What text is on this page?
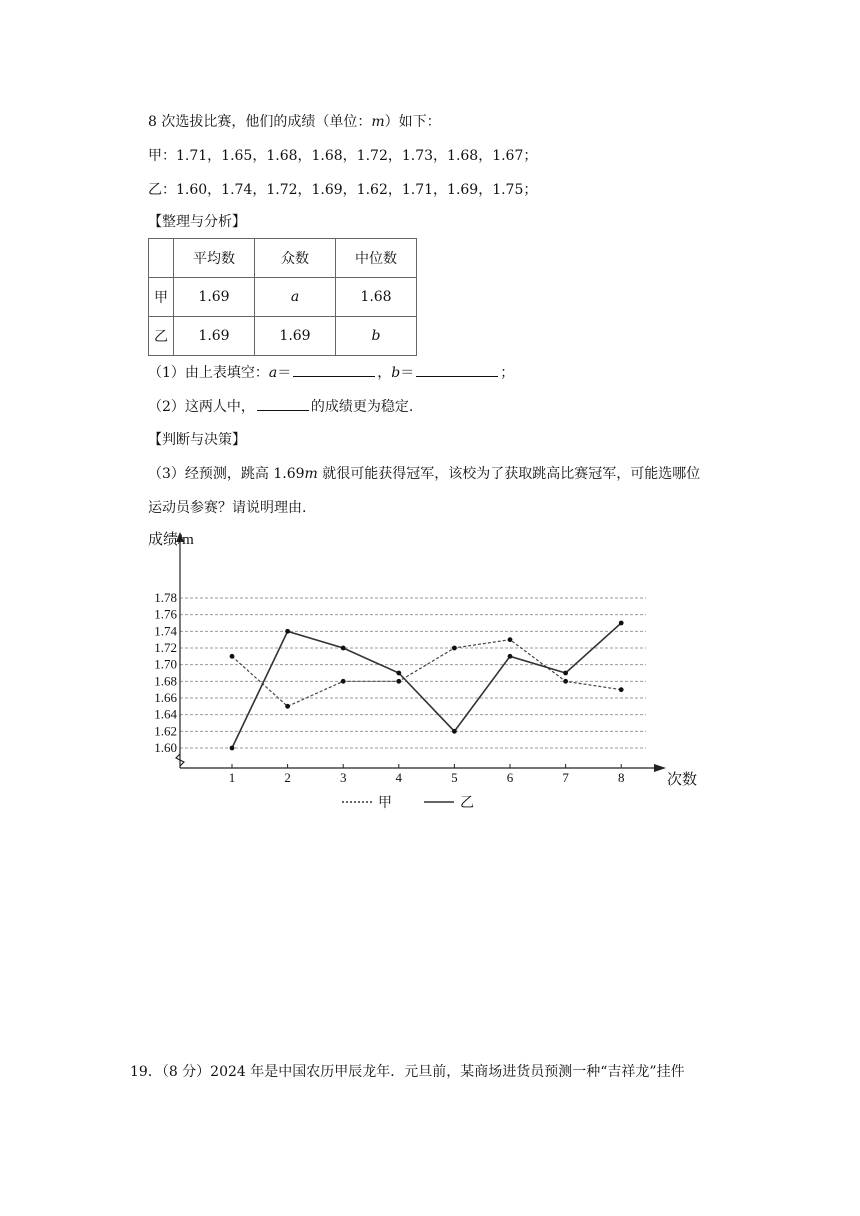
8 次选拔比赛，他们的成绩（单位：m）如下：
甲：1.71，1.65，1.68，1.68，1.72，1.73，1.68，1.67；
乙：1.60，1.74，1.72，1.69，1.62，1.71，1.69，1.75；
【整理与分析】
	平均数	众数	中位数
甲	1.69	a	1.68
乙	1.69	1.69	b
（1）由上表填空：a＝	，b＝	；
（2）这两人中，	的成绩更为稳定.
【判断与决策】
（3）经预测，跳高 1.69m 就很可能获得冠军，该校为了获取跳高比赛冠军，可能选哪位
运动员参赛？请说明理由.
成绩/m
次数
1.60
1.62
1.64
1.66
1.68
1.70
1.72
1.74
1.76
1.78
1	2	3	4	5	6	7	8
甲	乙
19．（8 分）2024 年是中国农历甲辰龙年．元旦前，某商场进货员预测一种“吉祥龙”挂件
